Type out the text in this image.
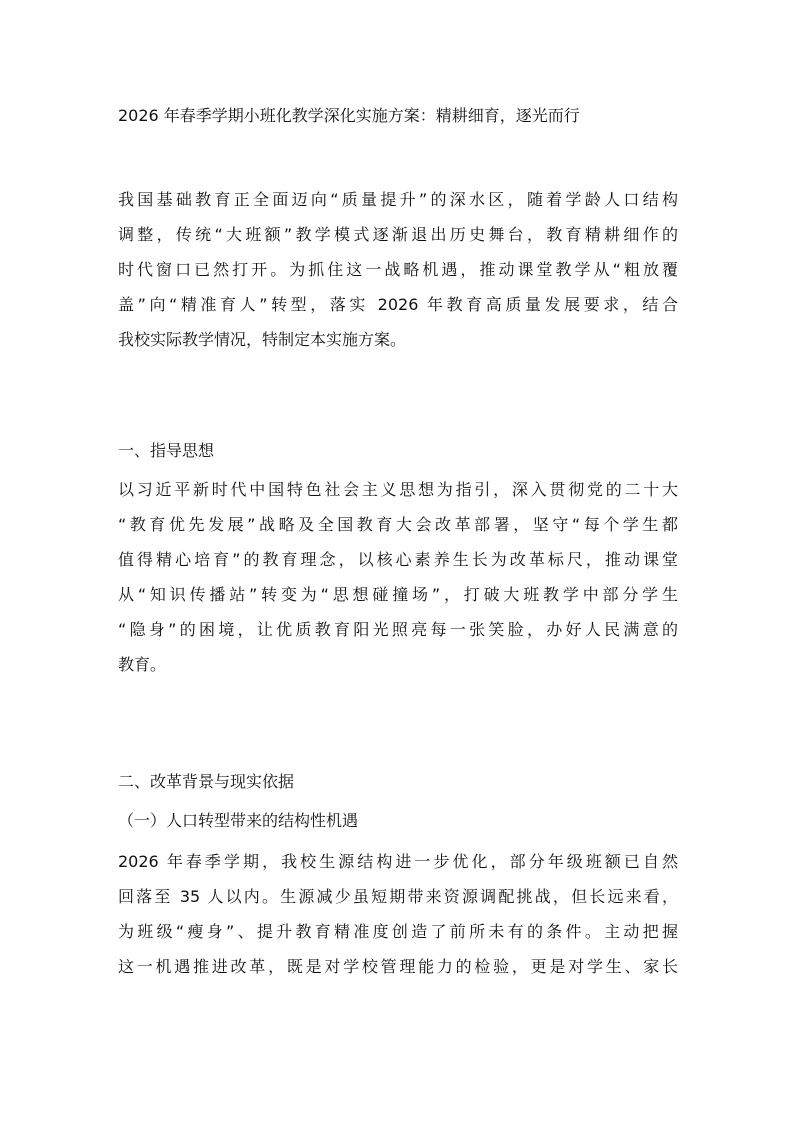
2026 年春季学期小班化教学深化实施方案：精耕细育，逐光而行
我国基础教育正全面迈向“质量提升”的深水区，随着学龄人口结构
调整，传统“大班额”教学模式逐渐退出历史舞台，教育精耕细作的
时代窗口已然打开。为抓住这一战略机遇，推动课堂教学从“粗放覆
盖”向“精准育人”转型，落实 2026 年教育高质量发展要求，结合
我校实际教学情况，特制定本实施方案。
一、指导思想
以习近平新时代中国特色社会主义思想为指引，深入贯彻党的二十大
“教育优先发展”战略及全国教育大会改革部署，坚守“每个学生都
值得精心培育”的教育理念，以核心素养生长为改革标尺，推动课堂
从“知识传播站”转变为“思想碰撞场”，打破大班教学中部分学生
“隐身”的困境，让优质教育阳光照亮每一张笑脸，办好人民满意的
教育。
二、改革背景与现实依据
（一）人口转型带来的结构性机遇
2026 年春季学期，我校生源结构进一步优化，部分年级班额已自然
回落至 35 人以内。生源减少虽短期带来资源调配挑战，但长远来看，
为班级“瘦身”、提升教育精准度创造了前所未有的条件。主动把握
这一机遇推进改革，既是对学校管理能力的检验，更是对学生、家长
